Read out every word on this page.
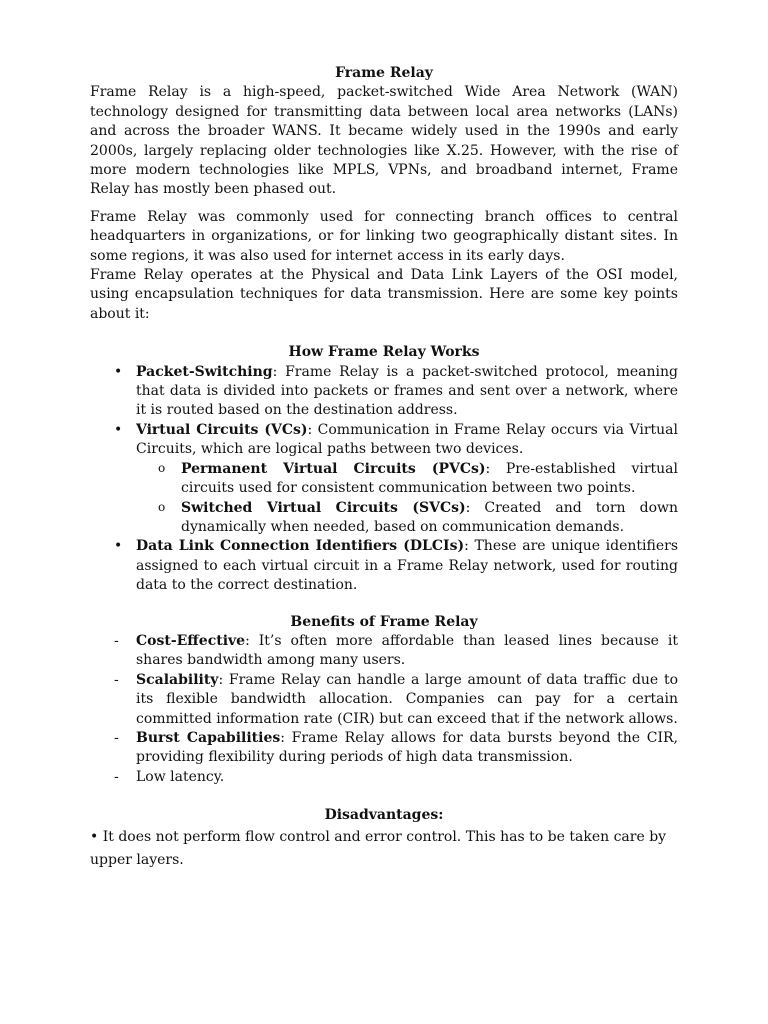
Frame Relay

Frame Relay is a high-speed, packet-switched Wide Area Network (WAN) technology designed for transmitting data between local area networks (LANs) and across the broader WANS. It became widely used in the 1990s and early 2000s, largely replacing older technologies like X.25. However, with the rise of more modern technologies like MPLS, VPNs, and broadband internet, Frame Relay has mostly been phased out.

Frame Relay was commonly used for connecting branch offices to central headquarters in organizations, or for linking two geographically distant sites. In some regions, it was also used for internet access in its early days.

Frame Relay operates at the Physical and Data Link Layers of the OSI model, using encapsulation techniques for data transmission. Here are some key points about it:

How Frame Relay Works
• Packet-Switching: Frame Relay is a packet-switched protocol, meaning that data is divided into packets or frames and sent over a network, where it is routed based on the destination address.
• Virtual Circuits (VCs): Communication in Frame Relay occurs via Virtual Circuits, which are logical paths between two devices.
o Permanent Virtual Circuits (PVCs): Pre-established virtual circuits used for consistent communication between two points.
o Switched Virtual Circuits (SVCs): Created and torn down dynamically when needed, based on communication demands.
• Data Link Connection Identifiers (DLCIs): These are unique identifiers assigned to each virtual circuit in a Frame Relay network, used for routing data to the correct destination.
Benefits of Frame Relay
- Cost-Effective: It’s often more affordable than leased lines because it shares bandwidth among many users.
- Scalability: Frame Relay can handle a large amount of data traffic due to its flexible bandwidth allocation. Companies can pay for a certain committed information rate (CIR) but can exceed that if the network allows.
- Burst Capabilities: Frame Relay allows for data bursts beyond the CIR, providing flexibility during periods of high data transmission.
- Low latency.
Disadvantages:

• It does not perform flow control and error control. This has to be taken care by upper layers.
